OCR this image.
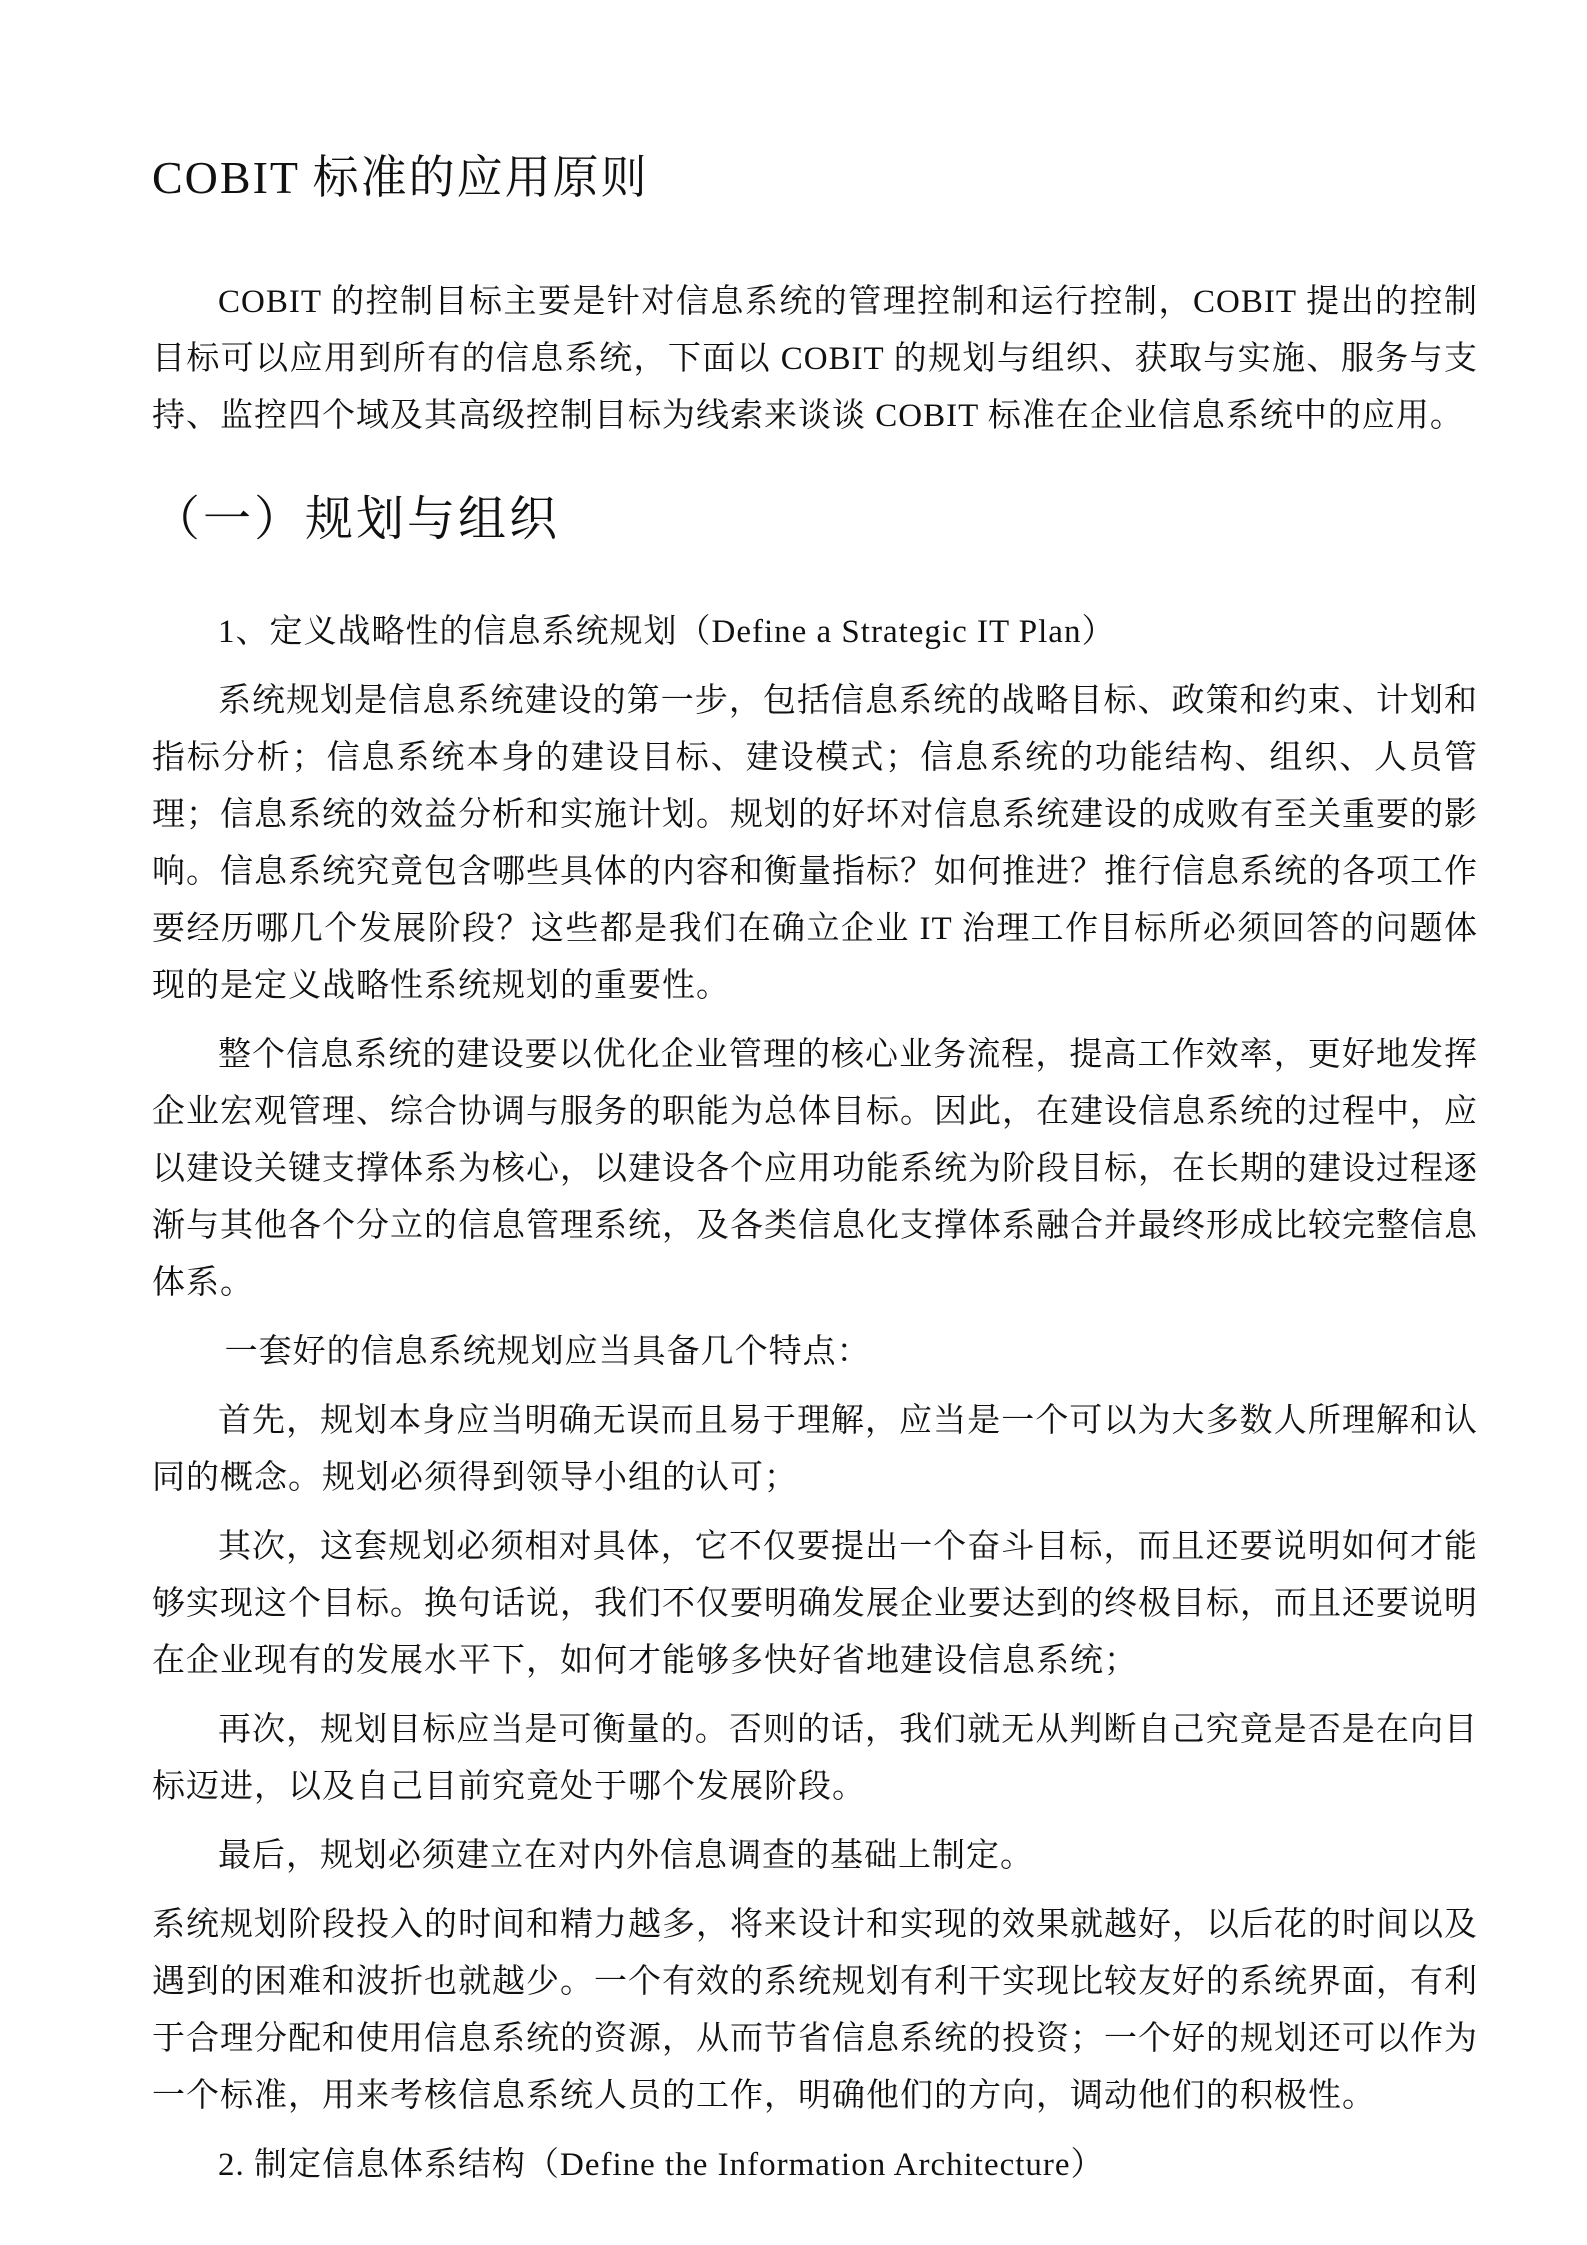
COBIT 标准的应用原则

COBIT 的控制目标主要是针对信息系统的管理控制和运行控制，COBIT 提出的控制目标可以应用到所有的信息系统，下面以 COBIT 的规划与组织、获取与实施、服务与支持、监控四个域及其高级控制目标为线索来谈谈 COBIT 标准在企业信息系统中的应用。

（一）规划与组织

1、定义战略性的信息系统规划（Define a Strategic IT Plan）

系统规划是信息系统建设的第一步，包括信息系统的战略目标、政策和约束、计划和指标分析；信息系统本身的建设目标、建设模式；信息系统的功能结构、组织、人员管理；信息系统的效益分析和实施计划。规划的好坏对信息系统建设的成败有至关重要的影响。信息系统究竟包含哪些具体的内容和衡量指标？如何推进？推行信息系统的各项工作要经历哪几个发展阶段？这些都是我们在确立企业 IT 治理工作目标所必须回答的问题体现的是定义战略性系统规划的重要性。

整个信息系统的建设要以优化企业管理的核心业务流程，提高工作效率，更好地发挥企业宏观管理、综合协调与服务的职能为总体目标。因此，在建设信息系统的过程中，应以建设关键支撑体系为核心，以建设各个应用功能系统为阶段目标，在长期的建设过程逐渐与其他各个分立的信息管理系统，及各类信息化支撑体系融合并最终形成比较完整信息体系。

一套好的信息系统规划应当具备几个特点：

首先，规划本身应当明确无误而且易于理解，应当是一个可以为大多数人所理解和认同的概念。规划必须得到领导小组的认可；

其次，这套规划必须相对具体，它不仅要提出一个奋斗目标，而且还要说明如何才能够实现这个目标。换句话说，我们不仅要明确发展企业要达到的终极目标，而且还要说明在企业现有的发展水平下，如何才能够多快好省地建设信息系统；

再次，规划目标应当是可衡量的。否则的话，我们就无从判断自己究竟是否是在向目标迈进，以及自己目前究竟处于哪个发展阶段。

最后，规划必须建立在对内外信息调查的基础上制定。

系统规划阶段投入的时间和精力越多，将来设计和实现的效果就越好，以后花的时间以及遇到的困难和波折也就越少。一个有效的系统规划有利干实现比较友好的系统界面，有利于合理分配和使用信息系统的资源，从而节省信息系统的投资；一个好的规划还可以作为一个标准，用来考核信息系统人员的工作，明确他们的方向，调动他们的积极性。

2. 制定信息体系结构（Define the Information Architecture）
